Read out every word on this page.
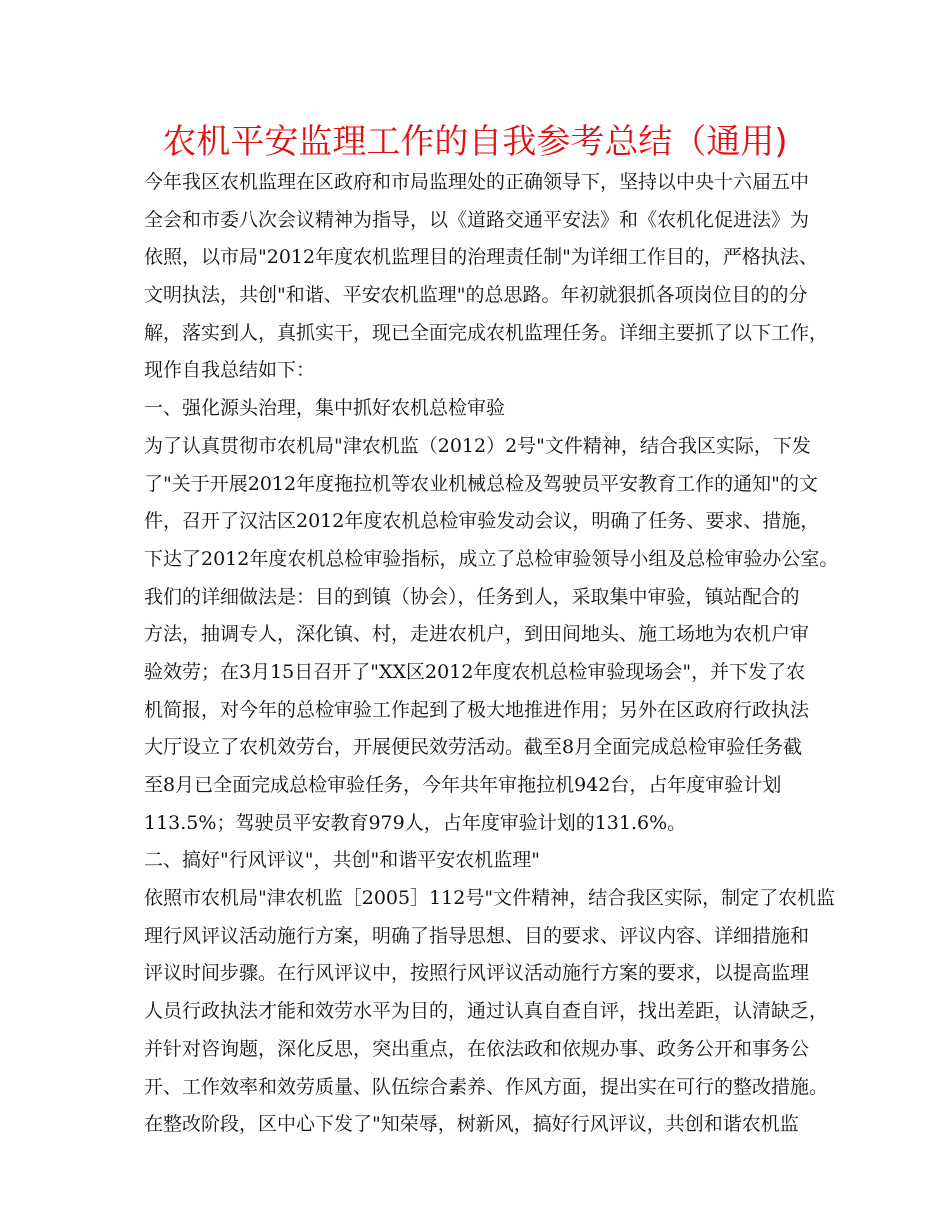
农机平安监理工作的自我参考总结（通用)
今年我区农机监理在区政府和市局监理处的正确领导下，坚持以中央十六届五中
全会和市委八次会议精神为指导，以《道路交通平安法》和《农机化促进法》为
依照，以市局"2012年度农机监理目的治理责任制"为详细工作目的，严格执法、
文明执法，共创"和谐、平安农机监理"的总思路。年初就狠抓各项岗位目的的分
解，落实到人，真抓实干，现已全面完成农机监理任务。详细主要抓了以下工作，
现作自我总结如下：
一、强化源头治理，集中抓好农机总检审验
为了认真贯彻市农机局"津农机监（2012）2号"文件精神，结合我区实际，下发
了"关于开展2012年度拖拉机等农业机械总检及驾驶员平安教育工作的通知"的文
件，召开了汉沽区2012年度农机总检审验发动会议，明确了任务、要求、措施，
下达了2012年度农机总检审验指标，成立了总检审验领导小组及总检审验办公室。
我们的详细做法是：目的到镇（协会），任务到人，采取集中审验，镇站配合的
方法，抽调专人，深化镇、村，走进农机户，到田间地头、施工场地为农机户审
验效劳；在3月15日召开了"XX区2012年度农机总检审验现场会"，并下发了农
机简报，对今年的总检审验工作起到了极大地推进作用；另外在区政府行政执法
大厅设立了农机效劳台，开展便民效劳活动。截至8月全面完成总检审验任务截
至8月已全面完成总检审验任务，今年共年审拖拉机942台，占年度审验计划
113.5%；驾驶员平安教育979人，占年度审验计划的131.6%。
二、搞好"行风评议"，共创"和谐平安农机监理"
依照市农机局"津农机监［2005］112号"文件精神，结合我区实际，制定了农机监
理行风评议活动施行方案，明确了指导思想、目的要求、评议内容、详细措施和
评议时间步骤。在行风评议中，按照行风评议活动施行方案的要求，以提高监理
人员行政执法才能和效劳水平为目的，通过认真自查自评，找出差距，认清缺乏，
并针对咨询题，深化反思，突出重点，在依法政和依规办事、政务公开和事务公
开、工作效率和效劳质量、队伍综合素养、作风方面，提出实在可行的整改措施。
在整改阶段，区中心下发了"知荣辱，树新风，搞好行风评议，共创和谐农机监
